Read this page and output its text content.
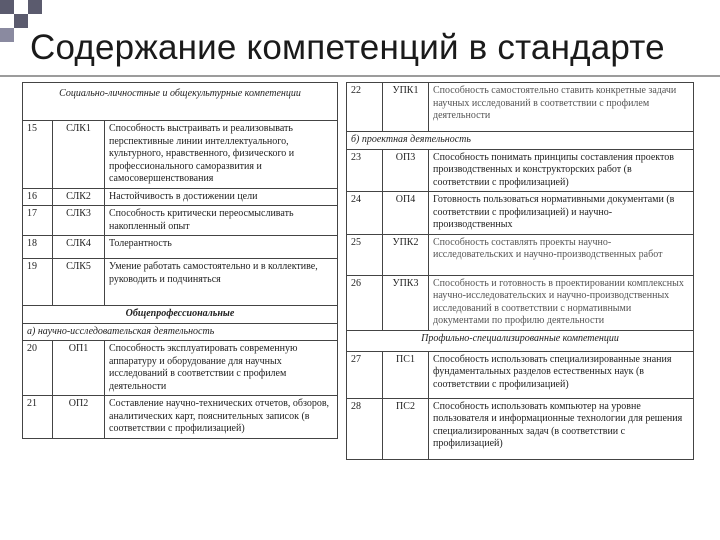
Содержание компетенций в стандарте
Социально-личностные и общекультурные компетенции		
15	СЛК1	Способность выстраивать и реализовывать перспективные линии интеллектуального, культурного, нравственного, физического и профессионального саморазвития и самосовершенствования
16	СЛК2	Настойчивость в достижении цели
17	СЛК3	Способность критически переосмысливать накопленный опыт
18	СЛК4	Толерантность
19	СЛК5	Умение работать самостоятельно и в коллективе, руководить и подчиняться
Общепрофессиональные		
а) научно-исследовательская деятельность		
20	ОП1	Способность эксплуатировать современную аппаратуру и оборудование для научных исследований в соответствии с профилем деятельности
21	ОП2	Составление научно-технических отчетов, обзоров, аналитических карт, пояснительных записок (в соответствии с профилизацией)
22	УПК1	Способность самостоятельно ставить конкретные задачи научных исследований в соответствии с профилем деятельности
б) проектная деятельность		
23	ОП3	Способность понимать принципы составления проектов производственных и конструкторских работ (в соответствии с профилизацией)
24	ОП4	Готовность пользоваться нормативными документами (в соответствии с профилизацией) и научно-производственных
25	УПК2	Способность составлять проекты научно-исследовательских и научно-производственных работ
26	УПК3	Способность и готовность в проектировании комплексных научно-исследовательских и научно-производственных исследований в соответствии с нормативными документами по профилю деятельности
Профильно-специализированные компетенции		
27	ПС1	Способность использовать специализированные знания фундаментальных разделов естественных наук (в соответствии с профилизацией)
28	ПС2	Способность использовать компьютер на уровне пользователя и информационные технологии для решения специализированных задач (в соответствии с профилизацией)
